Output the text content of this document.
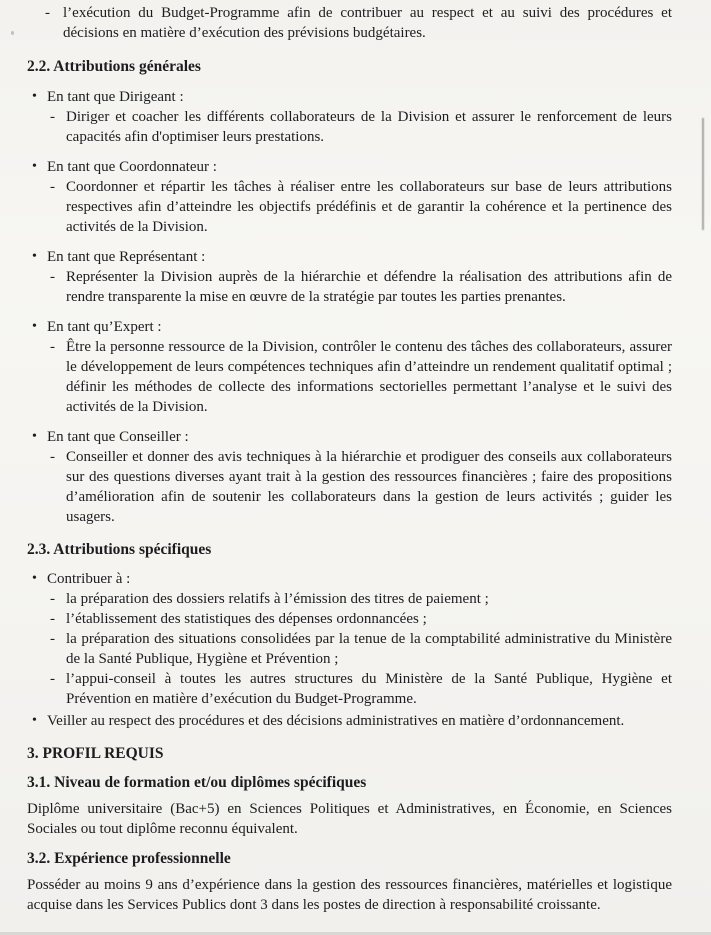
- l’exécution du Budget-Programme afin de contribuer au respect et au suivi des procédures et décisions en matière d’exécution des prévisions budgétaires.
2.2. Attributions générales
• En tant que Dirigeant :
- Diriger et coacher les différents collaborateurs de la Division et assurer le renforcement de leurs capacités afin d'optimiser leurs prestations.
• En tant que Coordonnateur :
- Coordonner et répartir les tâches à réaliser entre les collaborateurs sur base de leurs attributions respectives afin d’atteindre les objectifs prédéfinis et de garantir la cohérence et la pertinence des activités de la Division.
• En tant que Représentant :
- Représenter la Division auprès de la hiérarchie et défendre la réalisation des attributions afin de rendre transparente la mise en œuvre de la stratégie par toutes les parties prenantes.
• En tant qu’Expert :
- Être la personne ressource de la Division, contrôler le contenu des tâches des collaborateurs, assurer le développement de leurs compétences techniques afin d’atteindre un rendement qualitatif optimal ; définir les méthodes de collecte des informations sectorielles permettant l’analyse et le suivi des activités de la Division.
• En tant que Conseiller :
- Conseiller et donner des avis techniques à la hiérarchie et prodiguer des conseils aux collaborateurs sur des questions diverses ayant trait à la gestion des ressources financières ; faire des propositions d’amélioration afin de soutenir les collaborateurs dans la gestion de leurs activités ; guider les usagers.
2.3. Attributions spécifiques
• Contribuer à :
- la préparation des dossiers relatifs à l’émission des titres de paiement ;
- l’établissement des statistiques des dépenses ordonnancées ;
- la préparation des situations consolidées par la tenue de la comptabilité administrative du Ministère de la Santé Publique, Hygiène et Prévention ;
- l’appui-conseil à toutes les autres structures du Ministère de la Santé Publique, Hygiène et Prévention en matière d’exécution du Budget-Programme.
• Veiller au respect des procédures et des décisions administratives en matière d’ordonnancement.
3. PROFIL REQUIS
3.1. Niveau de formation et/ou diplômes spécifiques
Diplôme universitaire (Bac+5) en Sciences Politiques et Administratives, en Économie, en Sciences Sociales ou tout diplôme reconnu équivalent.
3.2. Expérience professionnelle
Posséder au moins 9 ans d’expérience dans la gestion des ressources financières, matérielles et logistique acquise dans les Services Publics dont 3 dans les postes de direction à responsabilité croissante.
